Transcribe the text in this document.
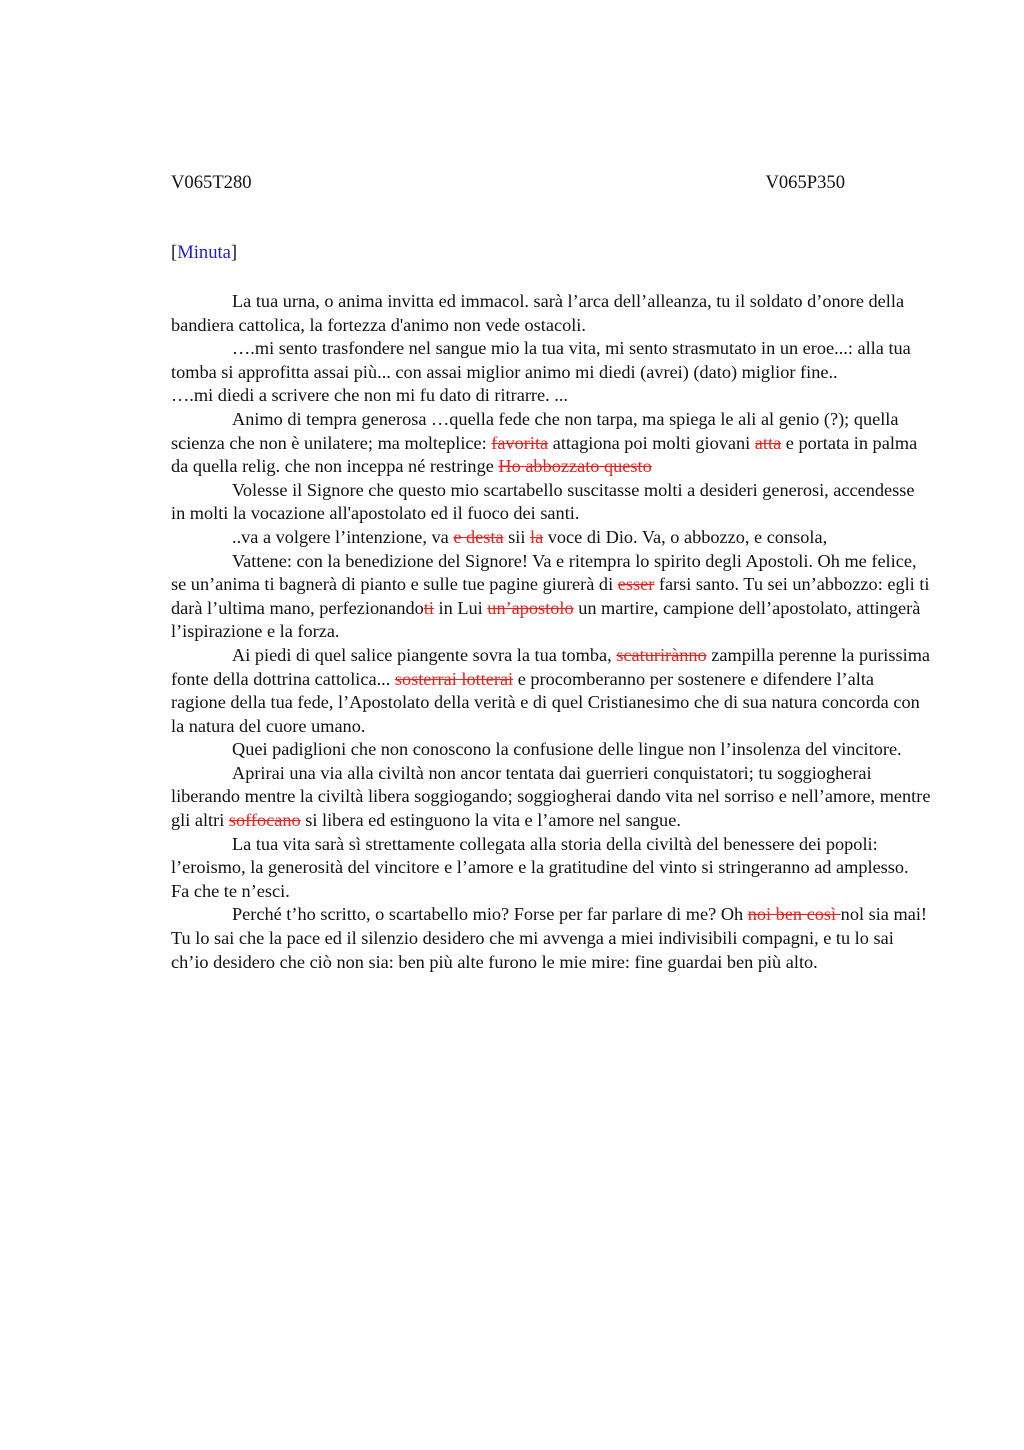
V065T280	V065P350
[Minuta]

La tua urna, o anima invitta ed immacol. sarà l’arca dell’alleanza, tu il soldato d’onore della bandiera cattolica, la fortezza d'animo non vede ostacoli.

….mi sento trasfondere nel sangue mio la tua vita, mi sento strasmutato in un eroe...: alla tua tomba si approfitta assai più... con assai miglior animo mi diedi (avrei) (dato) miglior fine..

….mi diedi a scrivere che non mi fu dato di ritrarre. ...

Animo di tempra generosa …quella fede che non tarpa, ma spiega le ali al genio (?); quella scienza che non è unilatere; ma molteplice: favorita attagiona poi molti giovani atta e portata in palma da quella relig. che non inceppa né restringe Ho abbozzato questo

Volesse il Signore che questo mio scartabello suscitasse molti a desideri generosi, accendesse in molti la vocazione all'apostolato ed il fuoco dei santi.

..va a volgere l’intenzione, va e desta sii la voce di Dio. Va, o abbozzo, e consola,

Vattene: con la benedizione del Signore! Va e ritempra lo spirito degli Apostoli. Oh me felice, se un’anima ti bagnerà di pianto e sulle tue pagine giurerà di esser farsi santo. Tu sei un’abbozzo: egli ti darà l’ultima mano, perfezionandoti in Lui un’apostolo un martire, campione dell’apostolato, attingerà l’ispirazione e la forza.

Ai piedi di quel salice piangente sovra la tua tomba, scaturirànno zampilla perenne la purissima fonte della dottrina cattolica... sosterrai lotterai e procomberanno per sostenere e difendere l’alta ragione della tua fede, l’Apostolato della verità e di quel Cristianesimo che di sua natura concorda con la natura del cuore umano.

Quei padiglioni che non conoscono la confusione delle lingue non l’insolenza del vincitore.

Aprirai una via alla civiltà non ancor tentata dai guerrieri conquistatori; tu soggiogherai liberando mentre la civiltà libera soggiogando; soggiogherai dando vita nel sorriso e nell’amore, mentre gli altri soffocano si libera ed estinguono la vita e l’amore nel sangue.

La tua vita sarà sì strettamente collegata alla storia della civiltà del benessere dei popoli: l’eroismo, la generosità del vincitore e l’amore e la gratitudine del vinto si stringeranno ad amplesso. Fa che te n’esci.

Perché t’ho scritto, o scartabello mio? Forse per far parlare di me? Oh noi ben così nol sia mai! Tu lo sai che la pace ed il silenzio desidero che mi avvenga a miei indivisibili compagni, e tu lo sai ch’io desidero che ciò non sia: ben più alte furono le mie mire: fine guardai ben più alto.
